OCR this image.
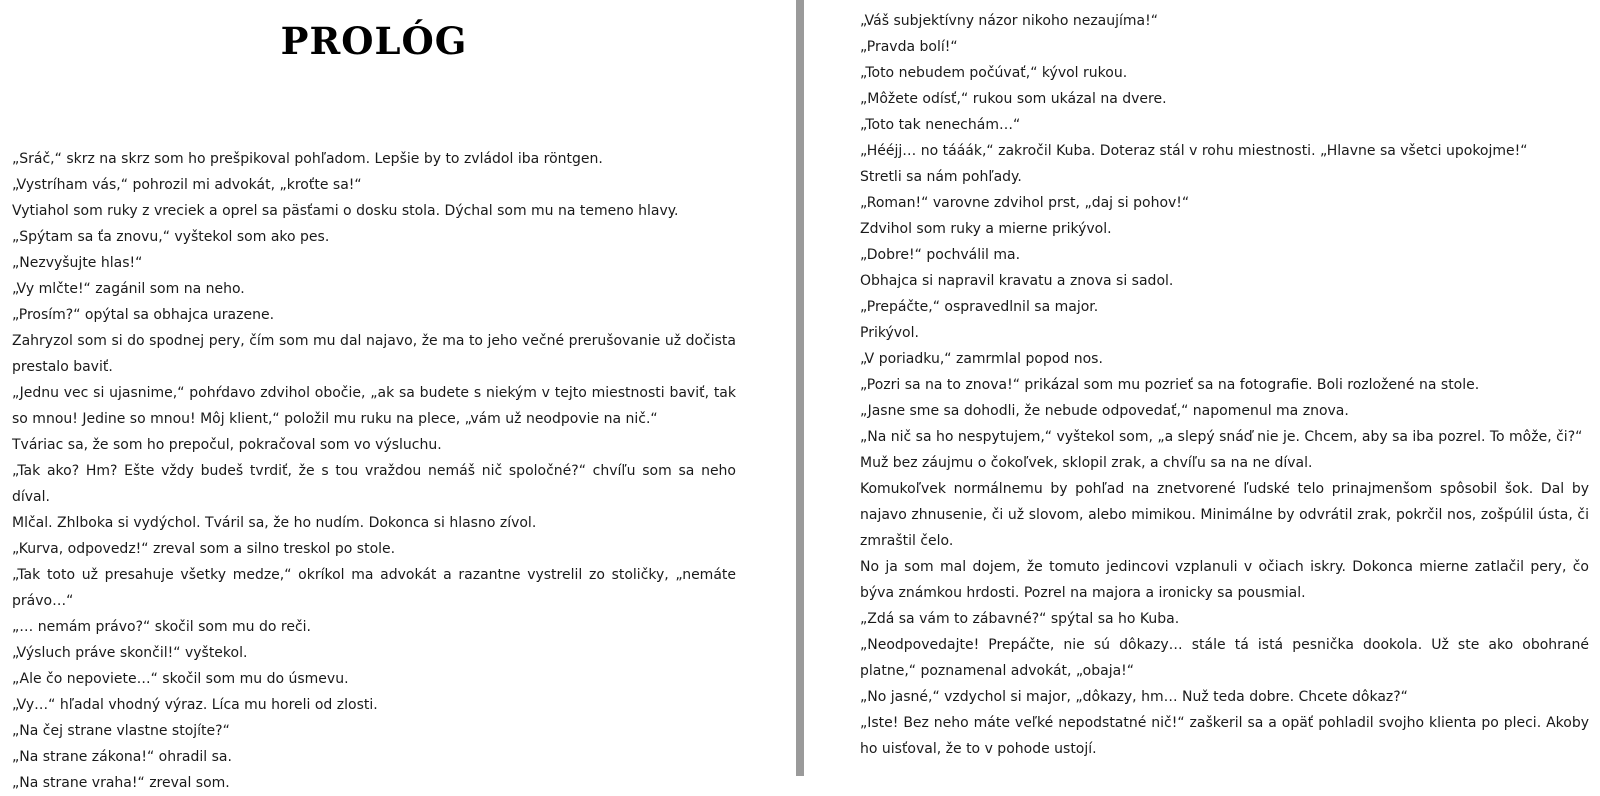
PROLÓG

„Sráč,“ skrz na skrz som ho prešpikoval pohľadom. Lepšie by to zvládol iba röntgen.

„Vystríham vás,“ pohrozil mi advokát, „kroťte sa!“

Vytiahol som ruky z vreciek a oprel sa päsťami o dosku stola. Dýchal som mu na temeno hlavy.

„Spýtam sa ťa znovu,“ vyštekol som ako pes.

„Nezvyšujte hlas!“

„Vy mlčte!“ zagánil som na neho.

„Prosím?“ opýtal sa obhajca urazene.

Zahryzol som si do spodnej pery, čím som mu dal najavo, že ma to jeho večné prerušovanie už dočista prestalo baviť.

„Jednu vec si ujasnime,“ pohŕdavo zdvihol obočie, „ak sa budete s niekým v tejto miestnosti baviť, tak so mnou! Jedine so mnou! Môj klient,“ položil mu ruku na plece, „vám už neodpovie na nič.“

Tváriac sa, že som ho prepočul, pokračoval som vo výsluchu.

„Tak ako? Hm? Ešte vždy budeš tvrdiť, že s tou vraždou nemáš nič spoločné?“ chvíľu som sa neho díval.

Mlčal. Zhlboka si vydýchol. Tváril sa, že ho nudím. Dokonca si hlasno zívol.

„Kurva, odpovedz!“ zreval som a silno treskol po stole.

„Tak toto už presahuje všetky medze,“ okríkol ma advokát a razantne vystrelil zo stoličky, „nemáte právo…“

„… nemám právo?“ skočil som mu do reči.

„Výsluch práve skončil!“ vyštekol.

„Ale čo nepoviete…“ skočil som mu do úsmevu.

„Vy…“ hľadal vhodný výraz. Líca mu horeli od zlosti.

„Na čej strane vlastne stojíte?“

„Na strane zákona!“ ohradil sa.

„Na strane vraha!“ zreval som.

„Váš subjektívny názor nikoho nezaujíma!“

„Pravda bolí!“

„Toto nebudem počúvať,“ kývol rukou.

„Môžete odísť,“ rukou som ukázal na dvere.

„Toto tak nenechám…“

„Hééjj… no tááák,“ zakročil Kuba. Doteraz stál v rohu miestnosti. „Hlavne sa všetci upokojme!“

Stretli sa nám pohľady.

„Roman!“ varovne zdvihol prst, „daj si pohov!“

Zdvihol som ruky a mierne prikývol.

„Dobre!“ pochválil ma.

Obhajca si napravil kravatu a znova si sadol.

„Prepáčte,“ ospravedlnil sa major.

Prikývol.

„V poriadku,“ zamrmlal popod nos.

„Pozri sa na to znova!“ prikázal som mu pozrieť sa na fotografie. Boli rozložené na stole.

„Jasne sme sa dohodli, že nebude odpovedať,“ napomenul ma znova.

„Na nič sa ho nespytujem,“ vyštekol som, „a slepý snáď nie je. Chcem, aby sa iba pozrel. To môže, či?“

Muž bez záujmu o čokoľvek, sklopil zrak, a chvíľu sa na ne díval.

Komukoľvek normálnemu by pohľad na znetvorené ľudské telo prinajmenšom spôsobil šok. Dal by najavo zhnusenie, či už slovom, alebo mimikou. Minimálne by odvrátil zrak, pokrčil nos, zošpúlil ústa, či zmraštil čelo.

No ja som mal dojem, že tomuto jedincovi vzplanuli v očiach iskry. Dokonca mierne zatlačil pery, čo býva známkou hrdosti. Pozrel na majora a ironicky sa pousmial.

„Zdá sa vám to zábavné?“ spýtal sa ho Kuba.

„Neodpovedajte! Prepáčte, nie sú dôkazy… stále tá istá pesnička dookola. Už ste ako obohrané platne,“ poznamenal advokát, „obaja!“

„No jasné,“ vzdychol si major, „dôkazy, hm… Nuž teda dobre. Chcete dôkaz?“

„Iste! Bez neho máte veľké nepodstatné nič!“ zaškeril sa a opäť pohladil svojho klienta po pleci. Akoby ho uisťoval, že to v pohode ustojí.
